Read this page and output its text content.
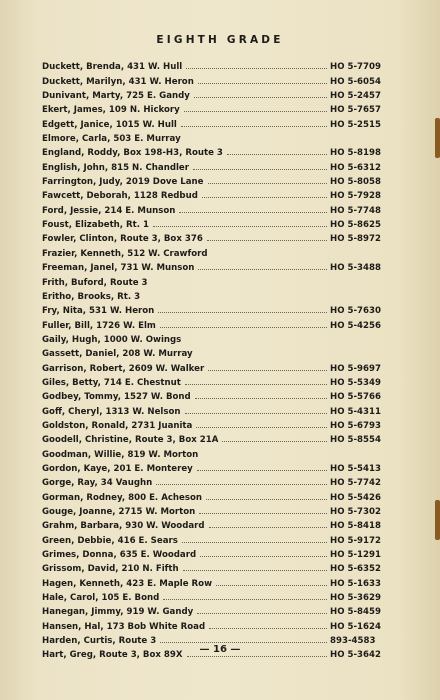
EIGHTH GRADE
Duckett, Brenda, 431 W. Hull	HO 5-7709
Duckett, Marilyn, 431 W. Heron	HO 5-6054
Dunivant, Marty, 725 E. Gandy	HO 5-2457
Ekert, James, 109 N. Hickory	HO 5-7657
Edgett, Janice, 1015 W. Hull	HO 5-2515
Elmore, Carla, 503 E. Murray
England, Roddy, Box 198-H3, Route 3	HO 5-8198
English, John, 815 N. Chandler	HO 5-6312
Farrington, Judy, 2019 Dove Lane	HO 5-8058
Fawcett, Deborah, 1128 Redbud	HO 5-7928
Ford, Jessie, 214 E. Munson	HO 5-7748
Foust, Elizabeth, Rt. 1	HO 5-8625
Fowler, Clinton, Route 3, Box 376	HO 5-8972
Frazier, Kenneth, 512 W. Crawford
Freeman, Janel, 731 W. Munson	HO 5-3488
Frith, Buford, Route 3
Eritho, Brooks, Rt. 3
Fry, Nita, 531 W. Heron	HO 5-7630
Fuller, Bill, 1726 W. Elm	HO 5-4256
Gaily, Hugh, 1000 W. Owings
Gassett, Daniel, 208 W. Murray
Garrison, Robert, 2609 W. Walker	HO 5-9697
Giles, Betty, 714 E. Chestnut	HO 5-5349
Godbey, Tommy, 1527 W. Bond	HO 5-5766
Goff, Cheryl, 1313 W. Nelson	HO 5-4311
Goldston, Ronald, 2731 Juanita	HO 5-6793
Goodell, Christine, Route 3, Box 21A	HO 5-8554
Goodman, Willie, 819 W. Morton
Gordon, Kaye, 201 E. Monterey	HO 5-5413
Gorge, Ray, 34 Vaughn	HO 5-7742
Gorman, Rodney, 800 E. Acheson	HO 5-5426
Gouge, Joanne, 2715 W. Morton	HO 5-7302
Grahm, Barbara, 930 W. Woodard	HO 5-8418
Green, Debbie, 416 E. Sears	HO 5-9172
Grimes, Donna, 635 E. Woodard	HO 5-1291
Grissom, David, 210 N. Fifth	HO 5-6352
Hagen, Kenneth, 423 E. Maple Row	HO 5-1633
Hale, Carol, 105 E. Bond	HO 5-3629
Hanegan, Jimmy, 919 W. Gandy	HO 5-8459
Hansen, Hal, 173 Bob White Road	HO 5-1624
Harden, Curtis, Route 3	893-4583
Hart, Greg, Route 3, Box 89X	HO 5-3642
— 16 —
